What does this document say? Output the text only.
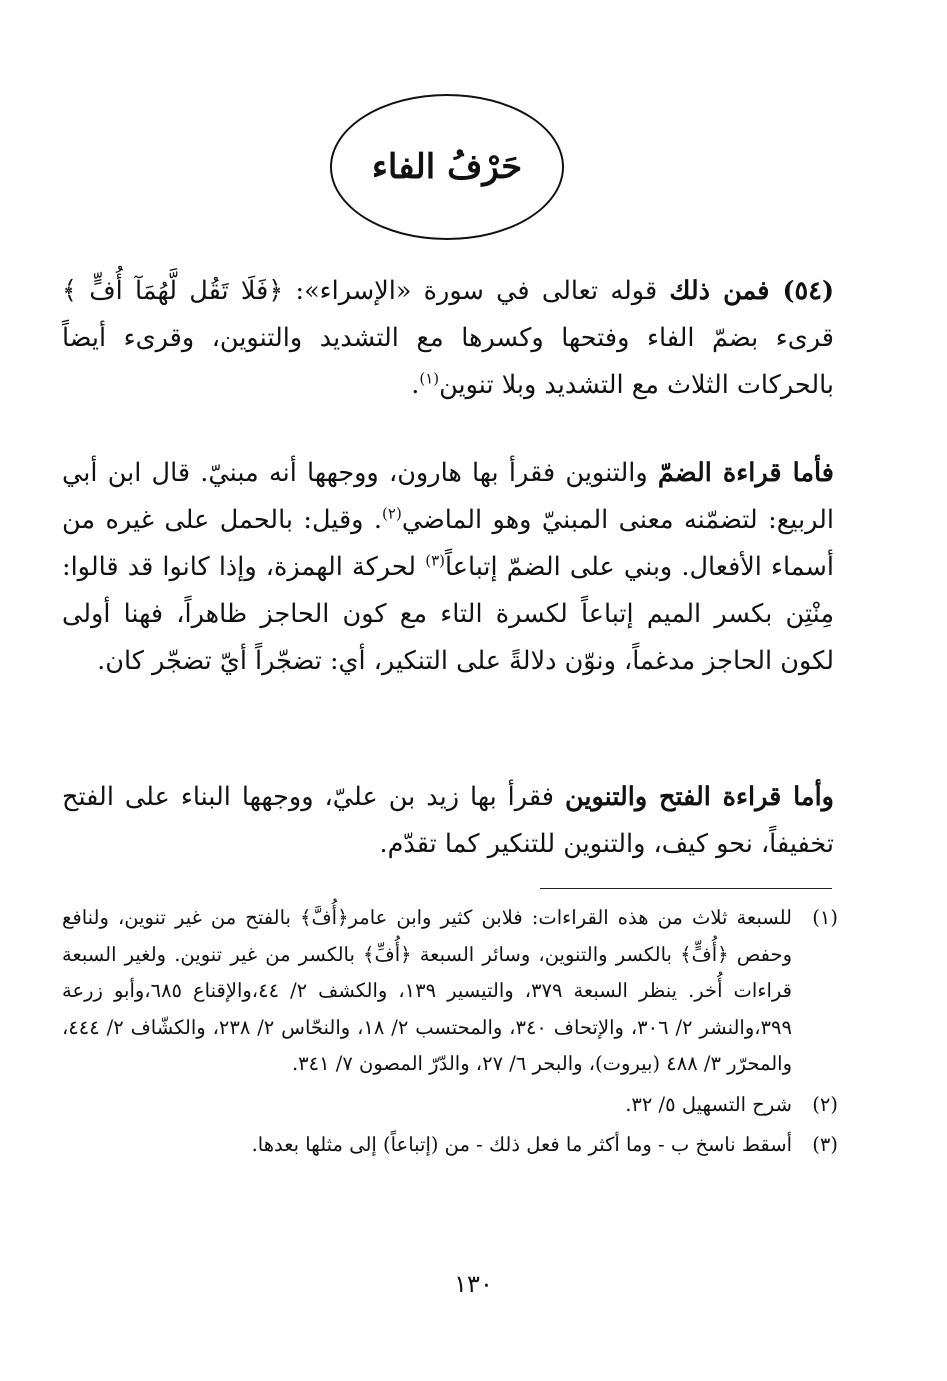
حَرْفُ الفاء
(٥٤) فمن ذلك قوله تعالى في سورة «الإسراء»: ﴿فَلَا تَقُل لَّهُمَآ أُفٍّ ﴾ قرىء بضمّ الفاء وفتحها وكسرها مع التشديد والتنوين، وقرىء أيضاً بالحركات الثلاث مع التشديد وبلا تنوين$^{(١)}$.
فأما قراءة الضمّ والتنوين فقرأ بها هارون، ووجهها أنه مبنيّ. قال ابن أبي الربيع: لتضمّنه معنى المبنيّ وهو الماضي$^{(٢)}$. وقيل: بالحمل على غيره من أسماء الأفعال. وبني على الضمّ إتباعاً$^{(٣)}$ لحركة الهمزة، وإذا كانوا قد قالوا: مِنْتِن بكسر الميم إتباعاً لكسرة التاء مع كون الحاجز ظاهراً، فهنا أولى لكون الحاجز مدغماً، ونوّن دلالةً على التنكير، أي: تضجّراً أيّ تضجّر كان.
وأما قراءة الفتح والتنوين فقرأ بها زيد بن عليّ، ووجهها البناء على الفتح تخفيفاً، نحو كيف، والتنوين للتنكير كما تقدّم.
(١)
للسبعة ثلاث من هذه القراءات: فلابن كثير وابن عامر﴿أُفَّ﴾ بالفتح من غير تنوين، ولنافع وحفص ﴿أُفٍّ﴾ بالكسر والتنوين، وسائر السبعة ﴿أُفِّ﴾ بالكسر من غير تنوين. ولغير السبعة قراءات أُخر. ينظر السبعة ٣٧٩، والتيسير ١٣٩، والكشف ٢/ ٤٤،والإقناع ٦٨٥،وأبو زرعة ٣٩٩،والنشر ٢/ ٣٠٦، والإتحاف ٣٤٠، والمحتسب ٢/ ١٨، والنحّاس ٢/ ٢٣٨، والكشّاف ٢/ ٤٤٤، والمحرّر ٣/ ٤٨٨ (بيروت)، والبحر ٦/ ٢٧، والدّرّ المصون ٧/ ٣٤١.
(٢)
شرح التسهيل ٥/ ٣٢.
(٣)
أسقط ناسخ ب - وما أكثر ما فعل ذلك - من (إتباعاً) إلى مثلها بعدها.
١٣٠
